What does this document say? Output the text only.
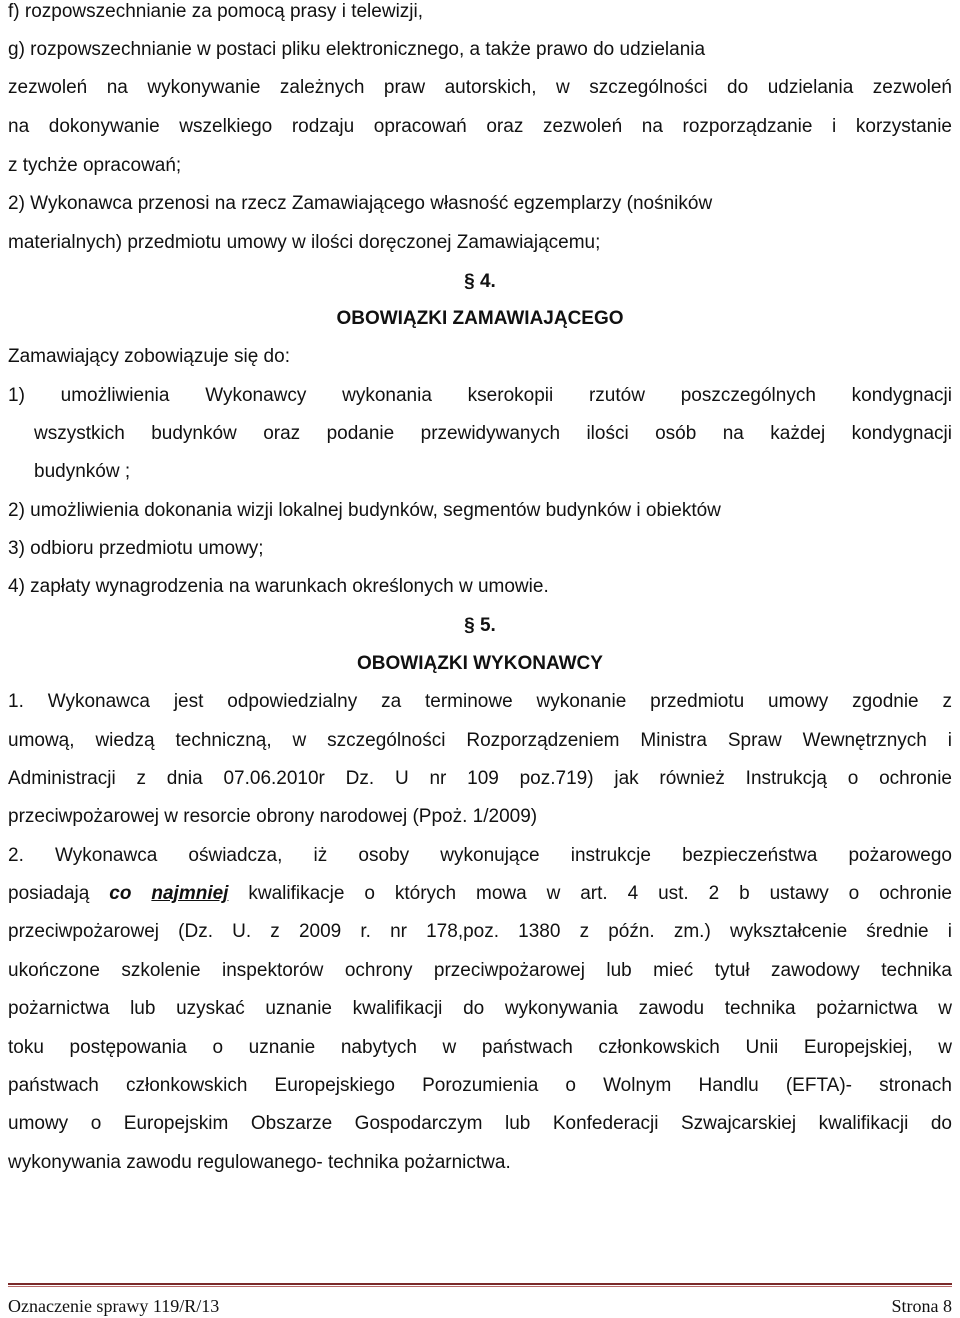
f) rozpowszechnianie za pomocą prasy i telewizji,
g) rozpowszechnianie w postaci pliku elektronicznego, a także prawo do udzielania
zezwoleń na wykonywanie zależnych praw autorskich, w szczególności do udzielania zezwoleń
na dokonywanie wszelkiego rodzaju opracowań oraz zezwoleń na rozporządzanie i korzystanie
z tychże opracowań;
2) Wykonawca przenosi na rzecz Zamawiającego własność egzemplarzy (nośników
materialnych) przedmiotu umowy w ilości doręczonej Zamawiającemu;
§ 4.
OBOWIĄZKI ZAMAWIAJĄCEGO
Zamawiający zobowiązuje się do:
1) umożliwienia Wykonawcy wykonania kserokopii rzutów poszczególnych kondygnacji
wszystkich budynków oraz podanie przewidywanych ilości osób na każdej kondygnacji
budynków ;
2) umożliwienia dokonania wizji lokalnej budynków, segmentów budynków i obiektów
3) odbioru przedmiotu umowy;
4) zapłaty wynagrodzenia na warunkach określonych w umowie.
§ 5.
OBOWIĄZKI WYKONAWCY
1. Wykonawca jest odpowiedzialny za terminowe wykonanie przedmiotu umowy zgodnie z
umową, wiedzą techniczną, w szczególności Rozporządzeniem Ministra Spraw Wewnętrznych i
Administracji z dnia 07.06.2010r Dz. U nr 109 poz.719) jak również Instrukcją o ochronie
przeciwpożarowej w resorcie obrony narodowej (Ppoż. 1/2009)
2. Wykonawca oświadcza, iż osoby wykonujące instrukcje bezpieczeństwa pożarowego
posiadają co najmniej kwalifikacje o których mowa w art. 4 ust. 2 b ustawy o ochronie
przeciwpożarowej (Dz. U. z 2009 r. nr 178,poz. 1380 z późn. zm.) wykształcenie średnie i
ukończone szkolenie inspektorów ochrony przeciwpożarowej lub mieć tytuł zawodowy technika
pożarnictwa lub uzyskać uznanie kwalifikacji do wykonywania zawodu technika pożarnictwa w
toku postępowania o uznanie nabytych w państwach członkowskich Unii Europejskiej, w
państwach członkowskich Europejskiego Porozumienia o Wolnym Handlu (EFTA)- stronach
umowy o Europejskim Obszarze Gospodarczym lub Konfederacji Szwajcarskiej kwalifikacji do
wykonywania zawodu regulowanego- technika pożarnictwa.
Oznaczenie sprawy 119/R/13	Strona 8
